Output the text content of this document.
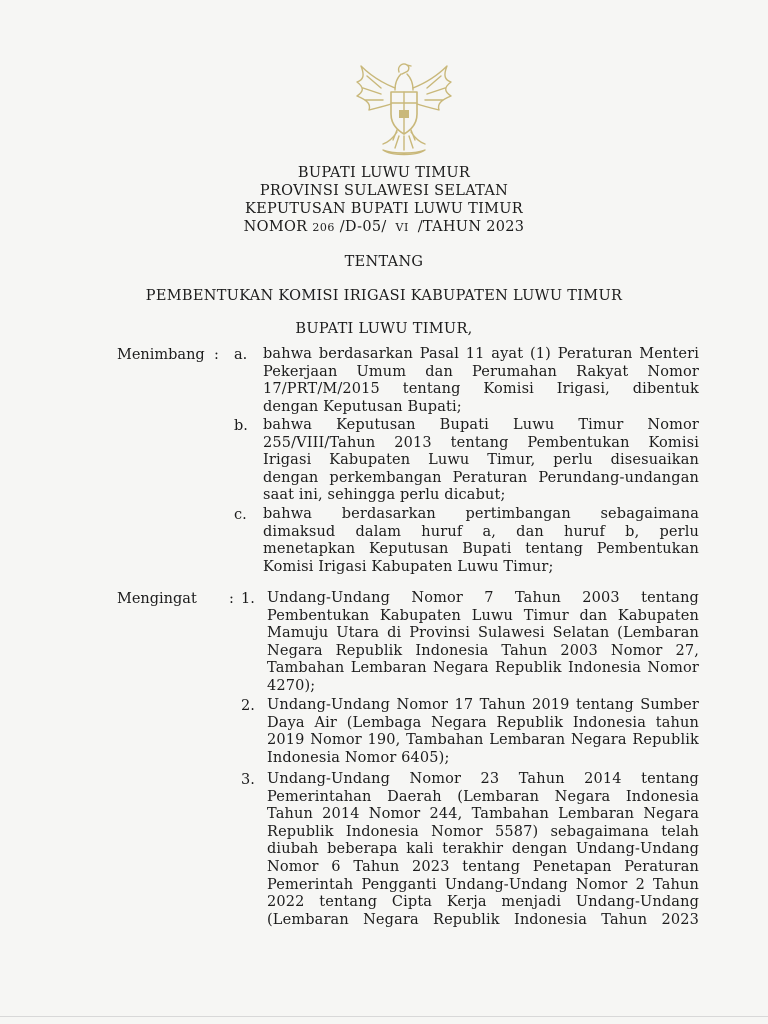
BUPATI LUWU TIMUR
PROVINSI SULAWESI SELATAN
KEPUTUSAN BUPATI LUWU TIMUR
NOMOR 206 /D-05/ VI /TAHUN 2023
TENTANG
PEMBENTUKAN KOMISI IRIGASI KABUPATEN LUWU TIMUR
BUPATI LUWU TIMUR,
Menimbang : a. bahwa berdasarkan Pasal 11 ayat (1) Peraturan Menteri
Pekerjaan Umum dan Perumahan Rakyat Nomor
17/PRT/M/2015 tentang Komisi Irigasi, dibentuk
dengan Keputusan Bupati;
b. bahwa Keputusan Bupati Luwu Timur Nomor
255/VIII/Tahun 2013 tentang Pembentukan Komisi
Irigasi Kabupaten Luwu Timur, perlu disesuaikan
dengan perkembangan Peraturan Perundang-undangan
saat ini, sehingga perlu dicabut;
c. bahwa berdasarkan pertimbangan sebagaimana
dimaksud dalam huruf a, dan huruf b, perlu
menetapkan Keputusan Bupati tentang Pembentukan
Komisi Irigasi Kabupaten Luwu Timur;
Mengingat : 1. Undang-Undang Nomor 7 Tahun 2003 tentang
Pembentukan Kabupaten Luwu Timur dan Kabupaten
Mamuju Utara di Provinsi Sulawesi Selatan (Lembaran
Negara Republik Indonesia Tahun 2003 Nomor 27,
Tambahan Lembaran Negara Republik Indonesia Nomor
4270);
2. Undang-Undang Nomor 17 Tahun 2019 tentang Sumber
Daya Air (Lembaga Negara Republik Indonesia tahun
2019 Nomor 190, Tambahan Lembaran Negara Republik
Indonesia Nomor 6405);
3. Undang-Undang Nomor 23 Tahun 2014 tentang
Pemerintahan Daerah (Lembaran Negara Indonesia
Tahun 2014 Nomor 244, Tambahan Lembaran Negara
Republik Indonesia Nomor 5587) sebagaimana telah
diubah beberapa kali terakhir dengan Undang-Undang
Nomor 6 Tahun 2023 tentang Penetapan Peraturan
Pemerintah Pengganti Undang-Undang Nomor 2 Tahun
2022 tentang Cipta Kerja menjadi Undang-Undang
(Lembaran Negara Republik Indonesia Tahun 2023
